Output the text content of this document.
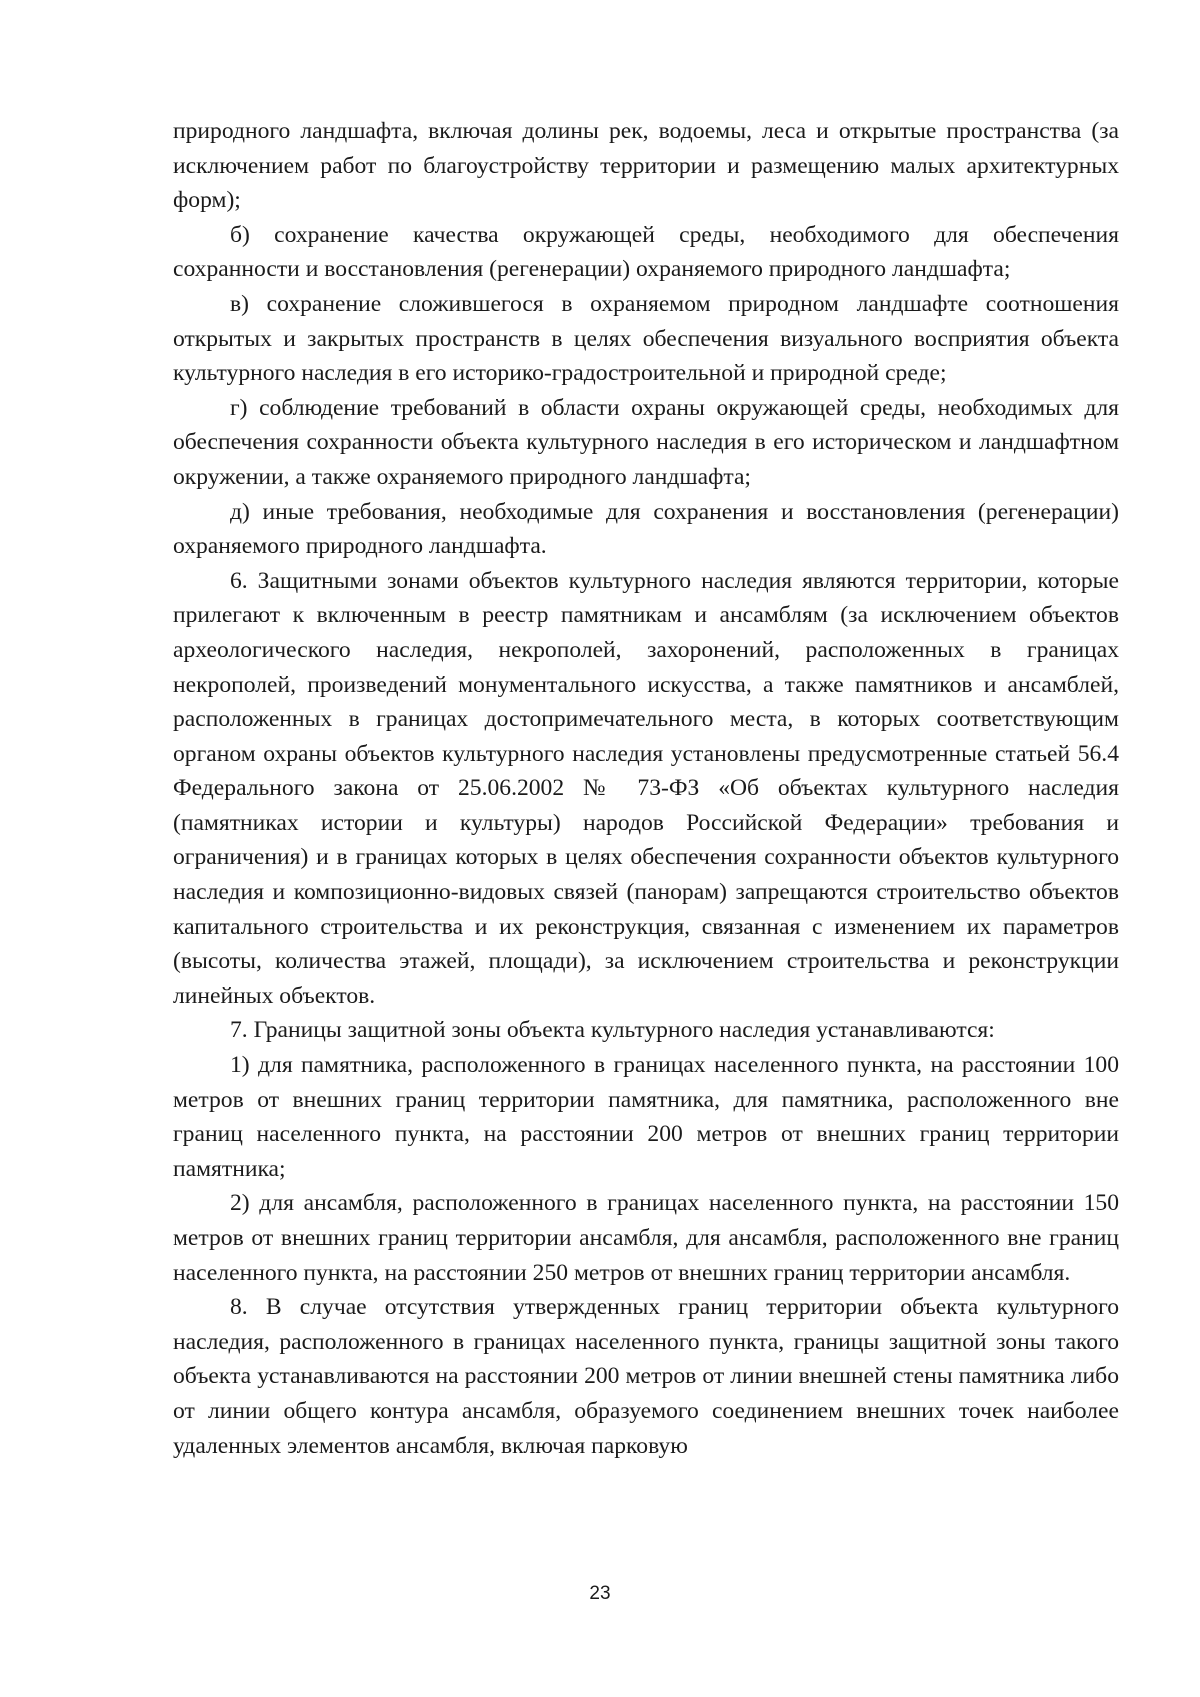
природного ландшафта, включая долины рек, водоемы, леса и открытые пространства (за исключением работ по благоустройству территории и размещению малых архитектурных форм);

б) сохранение качества окружающей среды, необходимого для обеспечения сохранности и восстановления (регенерации) охраняемого природного ландшафта;

в) сохранение сложившегося в охраняемом природном ландшафте соотношения открытых и закрытых пространств в целях обеспечения визуального восприятия объекта культурного наследия в его историко-градостроительной и природной среде;

г) соблюдение требований в области охраны окружающей среды, необходимых для обеспечения сохранности объекта культурного наследия в его историческом и ландшафтном окружении, а также охраняемого природного ландшафта;

д) иные требования, необходимые для сохранения и восстановления (регенерации) охраняемого природного ландшафта.

6. Защитными зонами объектов культурного наследия являются территории, которые прилегают к включенным в реестр памятникам и ансамблям (за исключением объектов археологического наследия, некрополей, захоронений, расположенных в границах некрополей, произведений монументального искусства, а также памятников и ансамблей, расположенных в границах достопримечательного места, в которых соответствующим органом охраны объектов культурного наследия установлены предусмотренные статьей 56.4 Федерального закона от 25.06.2002 № 73-ФЗ «Об объектах культурного наследия (памятниках истории и культуры) народов Российской Федерации» требования и ограничения) и в границах которых в целях обеспечения сохранности объектов культурного наследия и композиционно-видовых связей (панорам) запрещаются строительство объектов капитального строительства и их реконструкция, связанная с изменением их параметров (высоты, количества этажей, площади), за исключением строительства и реконструкции линейных объектов.

7. Границы защитной зоны объекта культурного наследия устанавливаются:

1) для памятника, расположенного в границах населенного пункта, на расстоянии 100 метров от внешних границ территории памятника, для памятника, расположенного вне границ населенного пункта, на расстоянии 200 метров от внешних границ территории памятника;

2) для ансамбля, расположенного в границах населенного пункта, на расстоянии 150 метров от внешних границ территории ансамбля, для ансамбля, расположенного вне границ населенного пункта, на расстоянии 250 метров от внешних границ территории ансамбля.

8. В случае отсутствия утвержденных границ территории объекта культурного наследия, расположенного в границах населенного пункта, границы защитной зоны такого объекта устанавливаются на расстоянии 200 метров от линии внешней стены памятника либо от линии общего контура ансамбля, образуемого соединением внешних точек наиболее удаленных элементов ансамбля, включая парковую

23
